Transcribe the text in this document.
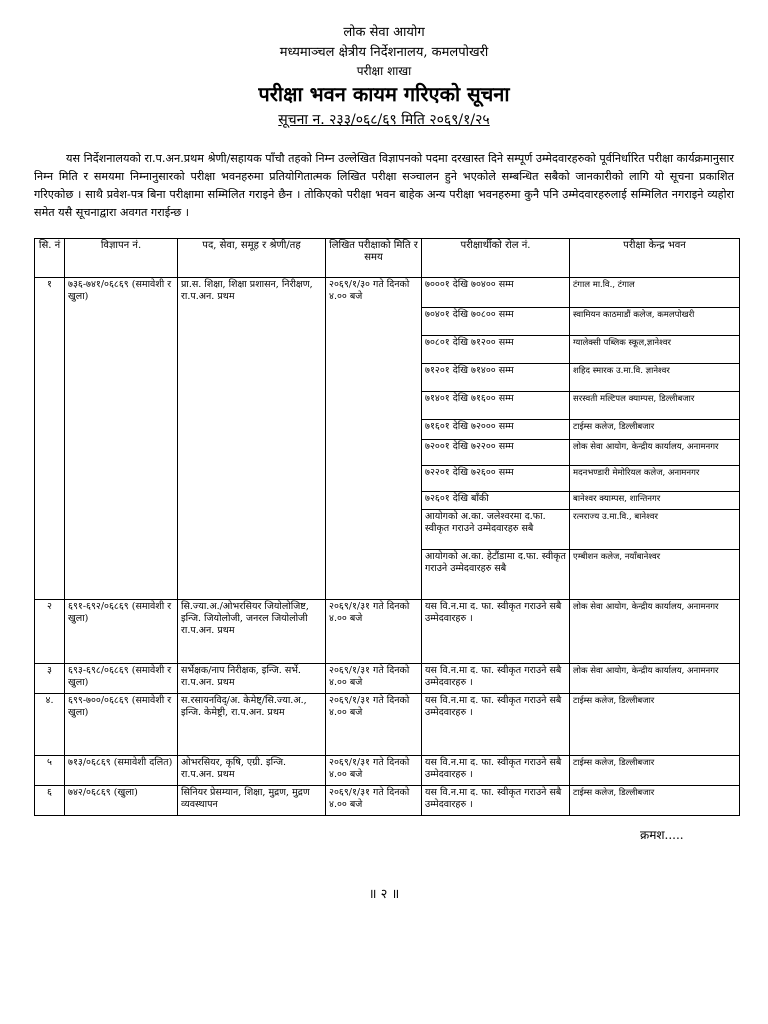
लोक सेवा आयोग
मध्यमाञ्चल क्षेत्रीय निर्देशनालय, कमलपोखरी
परीक्षा शाखा
परीक्षा भवन कायम गरिएको सूचना
सूचना न. २३३/०६८/६९ मिति २०६९/१/२५
यस निर्देशनालयको रा.प.अन.प्रथम श्रेणी/सहायक पाँचौ तहको निम्न उल्लेखित विज्ञापनको पदमा दरखास्त दिने सम्पूर्ण उम्मेदवारहरुको पूर्वनिर्धारित परीक्षा कार्यक्रमानुसार निम्न मिति र समयमा निम्नानुसारको परीक्षा भवनहरुमा प्रतियोगितात्मक लिखित परीक्षा सञ्चालन हुने भएकोले सम्बन्धित सबैको जानकारीको लागि यो सूचना प्रकाशित गरिएकोछ । साथै प्रवेश-पत्र बिना परीक्षामा सम्मिलित गराइने छैन । तोकिएको परीक्षा भवन बाहेक अन्य परीक्षा भवनहरुमा कुनै पनि उम्मेदवारहरुलाई सम्मिलित नगराइने व्यहोरा समेत यसै सूचनाद्वारा अवगत गराईन्छ ।
सि. नं	विज्ञापन नं.	पद, सेवा, समूह र श्रेणी/तह	लिखित परीक्षाको मिति र समय	परीक्षार्थीको रोल नं.	परीक्षा केन्द्र भवन
१	७३६-७४१/०६८६९ (समावेशी र खुला)	प्रा.स. शिक्षा, शिक्षा प्रशासन, निरीक्षण, रा.प.अन. प्रथम	२०६९/१/३० गते दिनको ४.०० बजे	७०००१ देखि ७०४०० सम्म	टंगाल मा.वि., टंगाल
				७०४०१ देखि ७०८०० सम्म	स्वामियन काठमाडौं कलेज, कमलपोखरी
				७०८०१ देखि ७१२०० सम्म	ग्यालेक्सी पब्लिक स्कूल,ज्ञानेश्वर
				७१२०१ देखि ७१४०० सम्म	शहिद स्मारक उ.मा.वि. ज्ञानेश्वर
				७१४०१ देखि ७१६०० सम्म	सरस्वती मल्टिपल क्याम्पस, डिल्लीबजार
				७१६०१ देखि ७२००० सम्म	टाईम्स कलेज, डिल्लीबजार
				७२००१ देखि ७२२०० सम्म	लोक सेवा आयोग, केन्द्रीय कार्यालय, अनामनगर
				७२२०१ देखि ७२६०० सम्म	मदनभण्डारी मेमोरियल कलेज, अनामनगर
				७२६०१ देखि बाँकी	बानेश्वर क्याम्पस, शान्तिनगर
				आयोगको अ.का. जलेश्वरमा द.फा. स्वीकृत गराउने उम्मेदवारहरु सबै	रत्नराज्य उ.मा.वि., बानेश्वर
				आयोगको अ.का. हेटौंडामा द.फा. स्वीकृत गराउने उम्मेदवारहरु सबै	एम्बीशन कलेज, नयाँबानेश्वर
२	६९१-६९२/०६८६९ (समावेशी र खुला)	सि.ज्या.अ./ओभरसियर जियोलोजिष्ट, इन्जि. जियोलोजी, जनरल जियोलोजी रा.प.अन. प्रथम	२०६९/१/३१ गते दिनको ४.०० बजे	यस वि.न.मा द. फा. स्वीकृत गराउने सबै उम्मेदवारहरु ।	लोक सेवा आयोग, केन्द्रीय कार्यालय, अनामनगर
३	६९३-६९८/०६८६९ (समावेशी र खुला)	सर्भेक्षक/नाप निरीक्षक, इन्जि. सर्भे. रा.प.अन. प्रथम	२०६९/१/३१ गते दिनको ४.०० बजे	यस वि.न.मा द. फा. स्वीकृत गराउने सबै उम्मेदवारहरु ।	लोक सेवा आयोग, केन्द्रीय कार्यालय, अनामनगर
४.	६९९-७००/०६८६९ (समावेशी र खुला)	स.रसायनविद्/अ. केमेष्ट्/सि.ज्या.अ., इन्जि. केमेष्ट्री, रा.प.अन. प्रथम	२०६९/१/३१ गते दिनको ४.०० बजे	यस वि.न.मा द. फा. स्वीकृत गराउने सबै उम्मेदवारहरु ।	टाईम्स कलेज, डिल्लीबजार
५	७१३/०६८६९ (समावेशी दलित)	ओभरसियर, कृषि, एग्री. इन्जि. रा.प.अन. प्रथम	२०६९/१/३१ गते दिनको ४.०० बजे	यस वि.न.मा द. फा. स्वीकृत गराउने सबै उम्मेदवारहरु ।	टाईम्स कलेज, डिल्लीबजार
६	७४२/०६८६९ (खुला)	सिनियर प्रेसम्यान, शिक्षा, मुद्रण, मुद्रण व्यवस्थापन	२०६९/१/३१ गते दिनको ४.०० बजे	यस वि.न.मा द. फा. स्वीकृत गराउने सबै उम्मेदवारहरु ।	टाईम्स कलेज, डिल्लीबजार
क्रमश.....
॥ २ ॥
